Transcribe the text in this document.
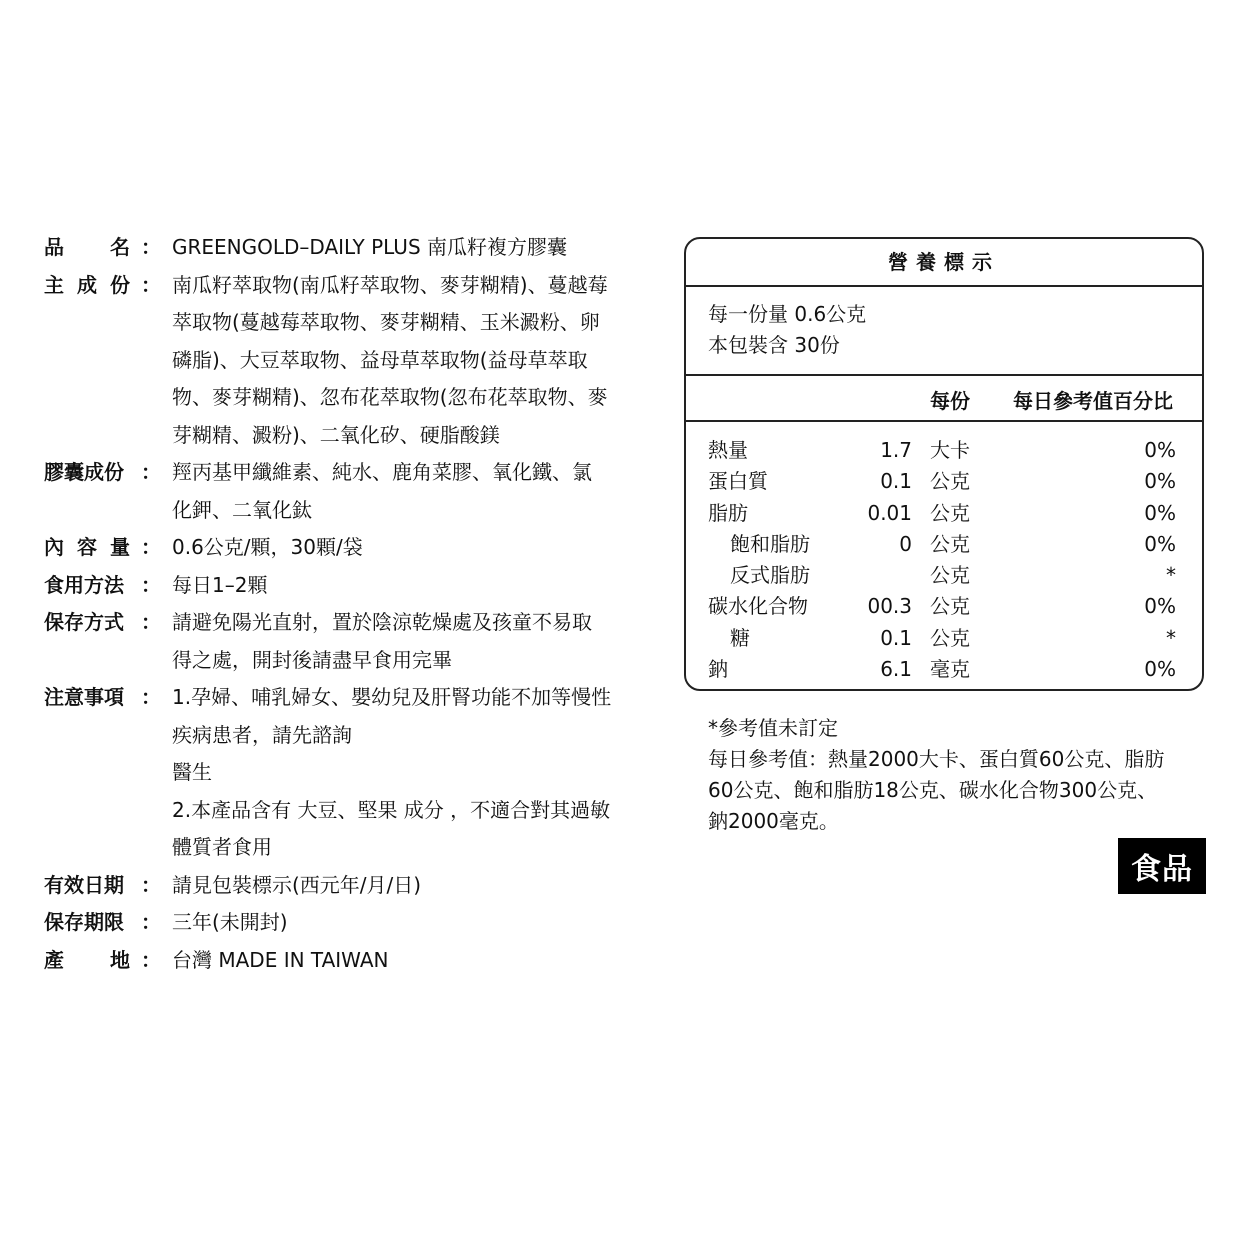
品 名 ： GREENGOLD–DAILY PLUS 南瓜籽複方膠囊
主 成 份 ： 南瓜籽萃取物(南瓜籽萃取物、麥芽糊精)、蔓越莓
萃取物(蔓越莓萃取物、麥芽糊精、玉米澱粉、卵
磷脂)、大豆萃取物、益母草萃取物(益母草萃取
物、麥芽糊精)、忽布花萃取物(忽布花萃取物、麥
芽糊精、澱粉)、二氧化矽、硬脂酸鎂
膠囊成份 ： 羥丙基甲纖維素、純水、鹿角菜膠、氧化鐵、氯
化鉀、二氧化鈦
內 容 量 ： 0.6公克/顆，30顆/袋
食用方法 ： 每日1–2顆
保存方式 ： 請避免陽光直射，置於陰涼乾燥處及孩童不易取
得之處，開封後請盡早食用完畢
注意事項 ： 1.孕婦、哺乳婦女、嬰幼兒及肝腎功能不加等慢性
疾病患者，請先諮詢
醫生
2.本產品含有 大豆、堅果 成分 ，不適合對其過敏
體質者食用
有效日期 ： 請見包裝標示(西元年/月/日)
保存期限 ： 三年(未開封)
產 地 ： 台灣 MADE IN TAIWAN
營養標示
每一份量 0.6公克
本包裝含 30份
每份 每日參考值百分比
熱量	1.7 大卡	0%
蛋白質	0.1 公克	0%
脂肪	0.01 公克	0%
飽和脂肪	0 公克	0%
反式脂肪	公克	*
碳水化合物	00.3 公克	0%
糖	0.1 公克	*
鈉	6.1 毫克	0%
*參考值未訂定
每日參考值：熱量2000大卡、蛋白質60公克、脂肪
60公克、飽和脂肪18公克、碳水化合物300公克、
鈉2000毫克。
食品
